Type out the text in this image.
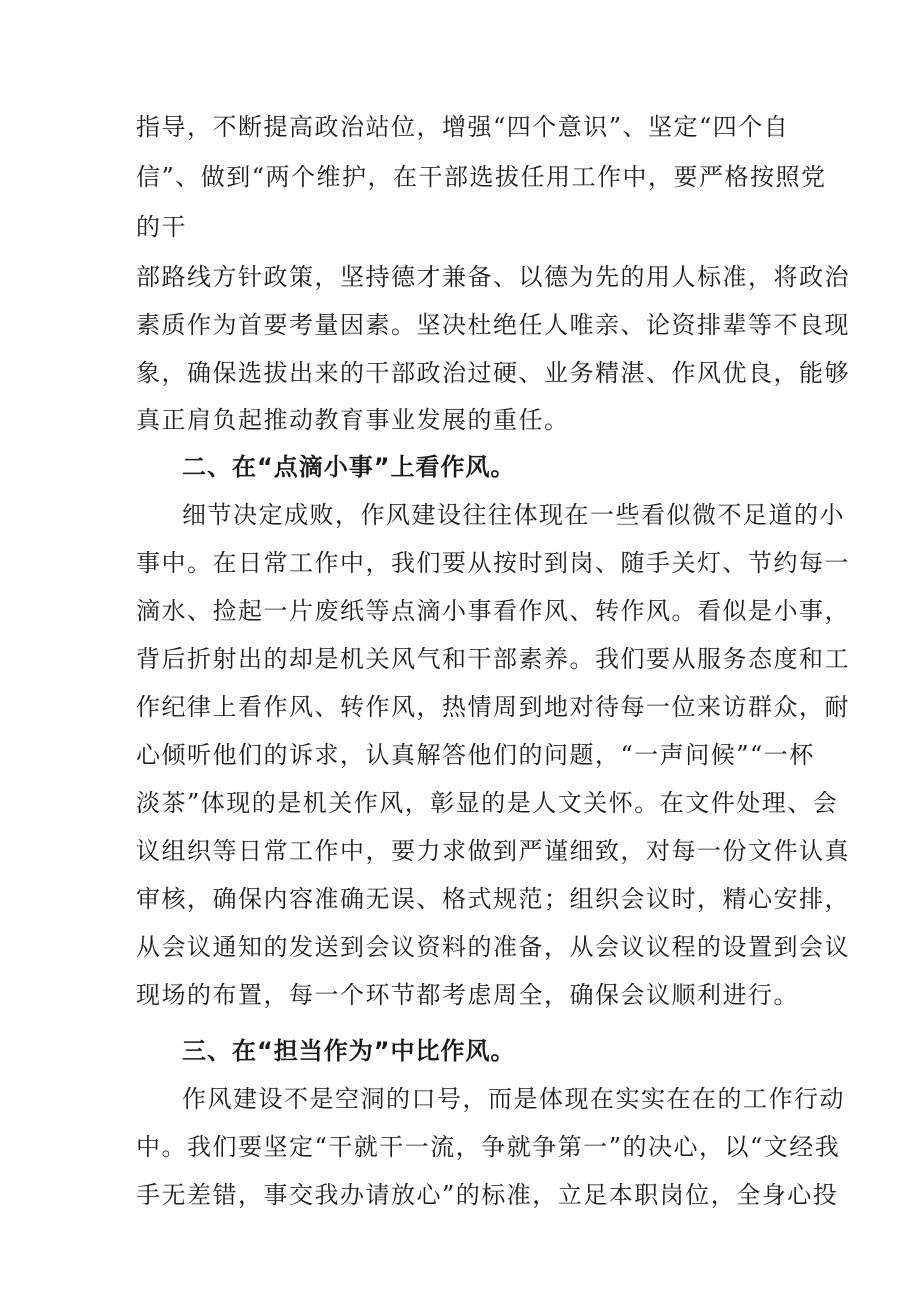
指导，不断提高政治站位，增强“四个意识”、坚定“四个自
信”、做到“两个维护，在干部选拔任用工作中，要严格按照党
的干
部路线方针政策，坚持德才兼备、以德为先的用人标准，将政治
素质作为首要考量因素。坚决杜绝任人唯亲、论资排辈等不良现
象，确保选拔出来的干部政治过硬、业务精湛、作风优良，能够
真正肩负起推动教育事业发展的重任。
二、在“点滴小事”上看作风。
细节决定成败，作风建设往往体现在一些看似微不足道的小
事中。在日常工作中，我们要从按时到岗、随手关灯、节约每一
滴水、捡起一片废纸等点滴小事看作风、转作风。看似是小事，
背后折射出的却是机关风气和干部素养。我们要从服务态度和工
作纪律上看作风、转作风，热情周到地对待每一位来访群众，耐
心倾听他们的诉求，认真解答他们的问题，“一声问候”“一杯
淡茶”体现的是机关作风，彰显的是人文关怀。在文件处理、会
议组织等日常工作中，要力求做到严谨细致，对每一份文件认真
审核，确保内容准确无误、格式规范；组织会议时，精心安排，
从会议通知的发送到会议资料的准备，从会议议程的设置到会议
现场的布置，每一个环节都考虑周全，确保会议顺利进行。
三、在“担当作为”中比作风。
作风建设不是空洞的口号，而是体现在实实在在的工作行动
中。我们要坚定“干就干一流，争就争第一”的决心，以“文经我
手无差错，事交我办请放心”的标准，立足本职岗位，全身心投
